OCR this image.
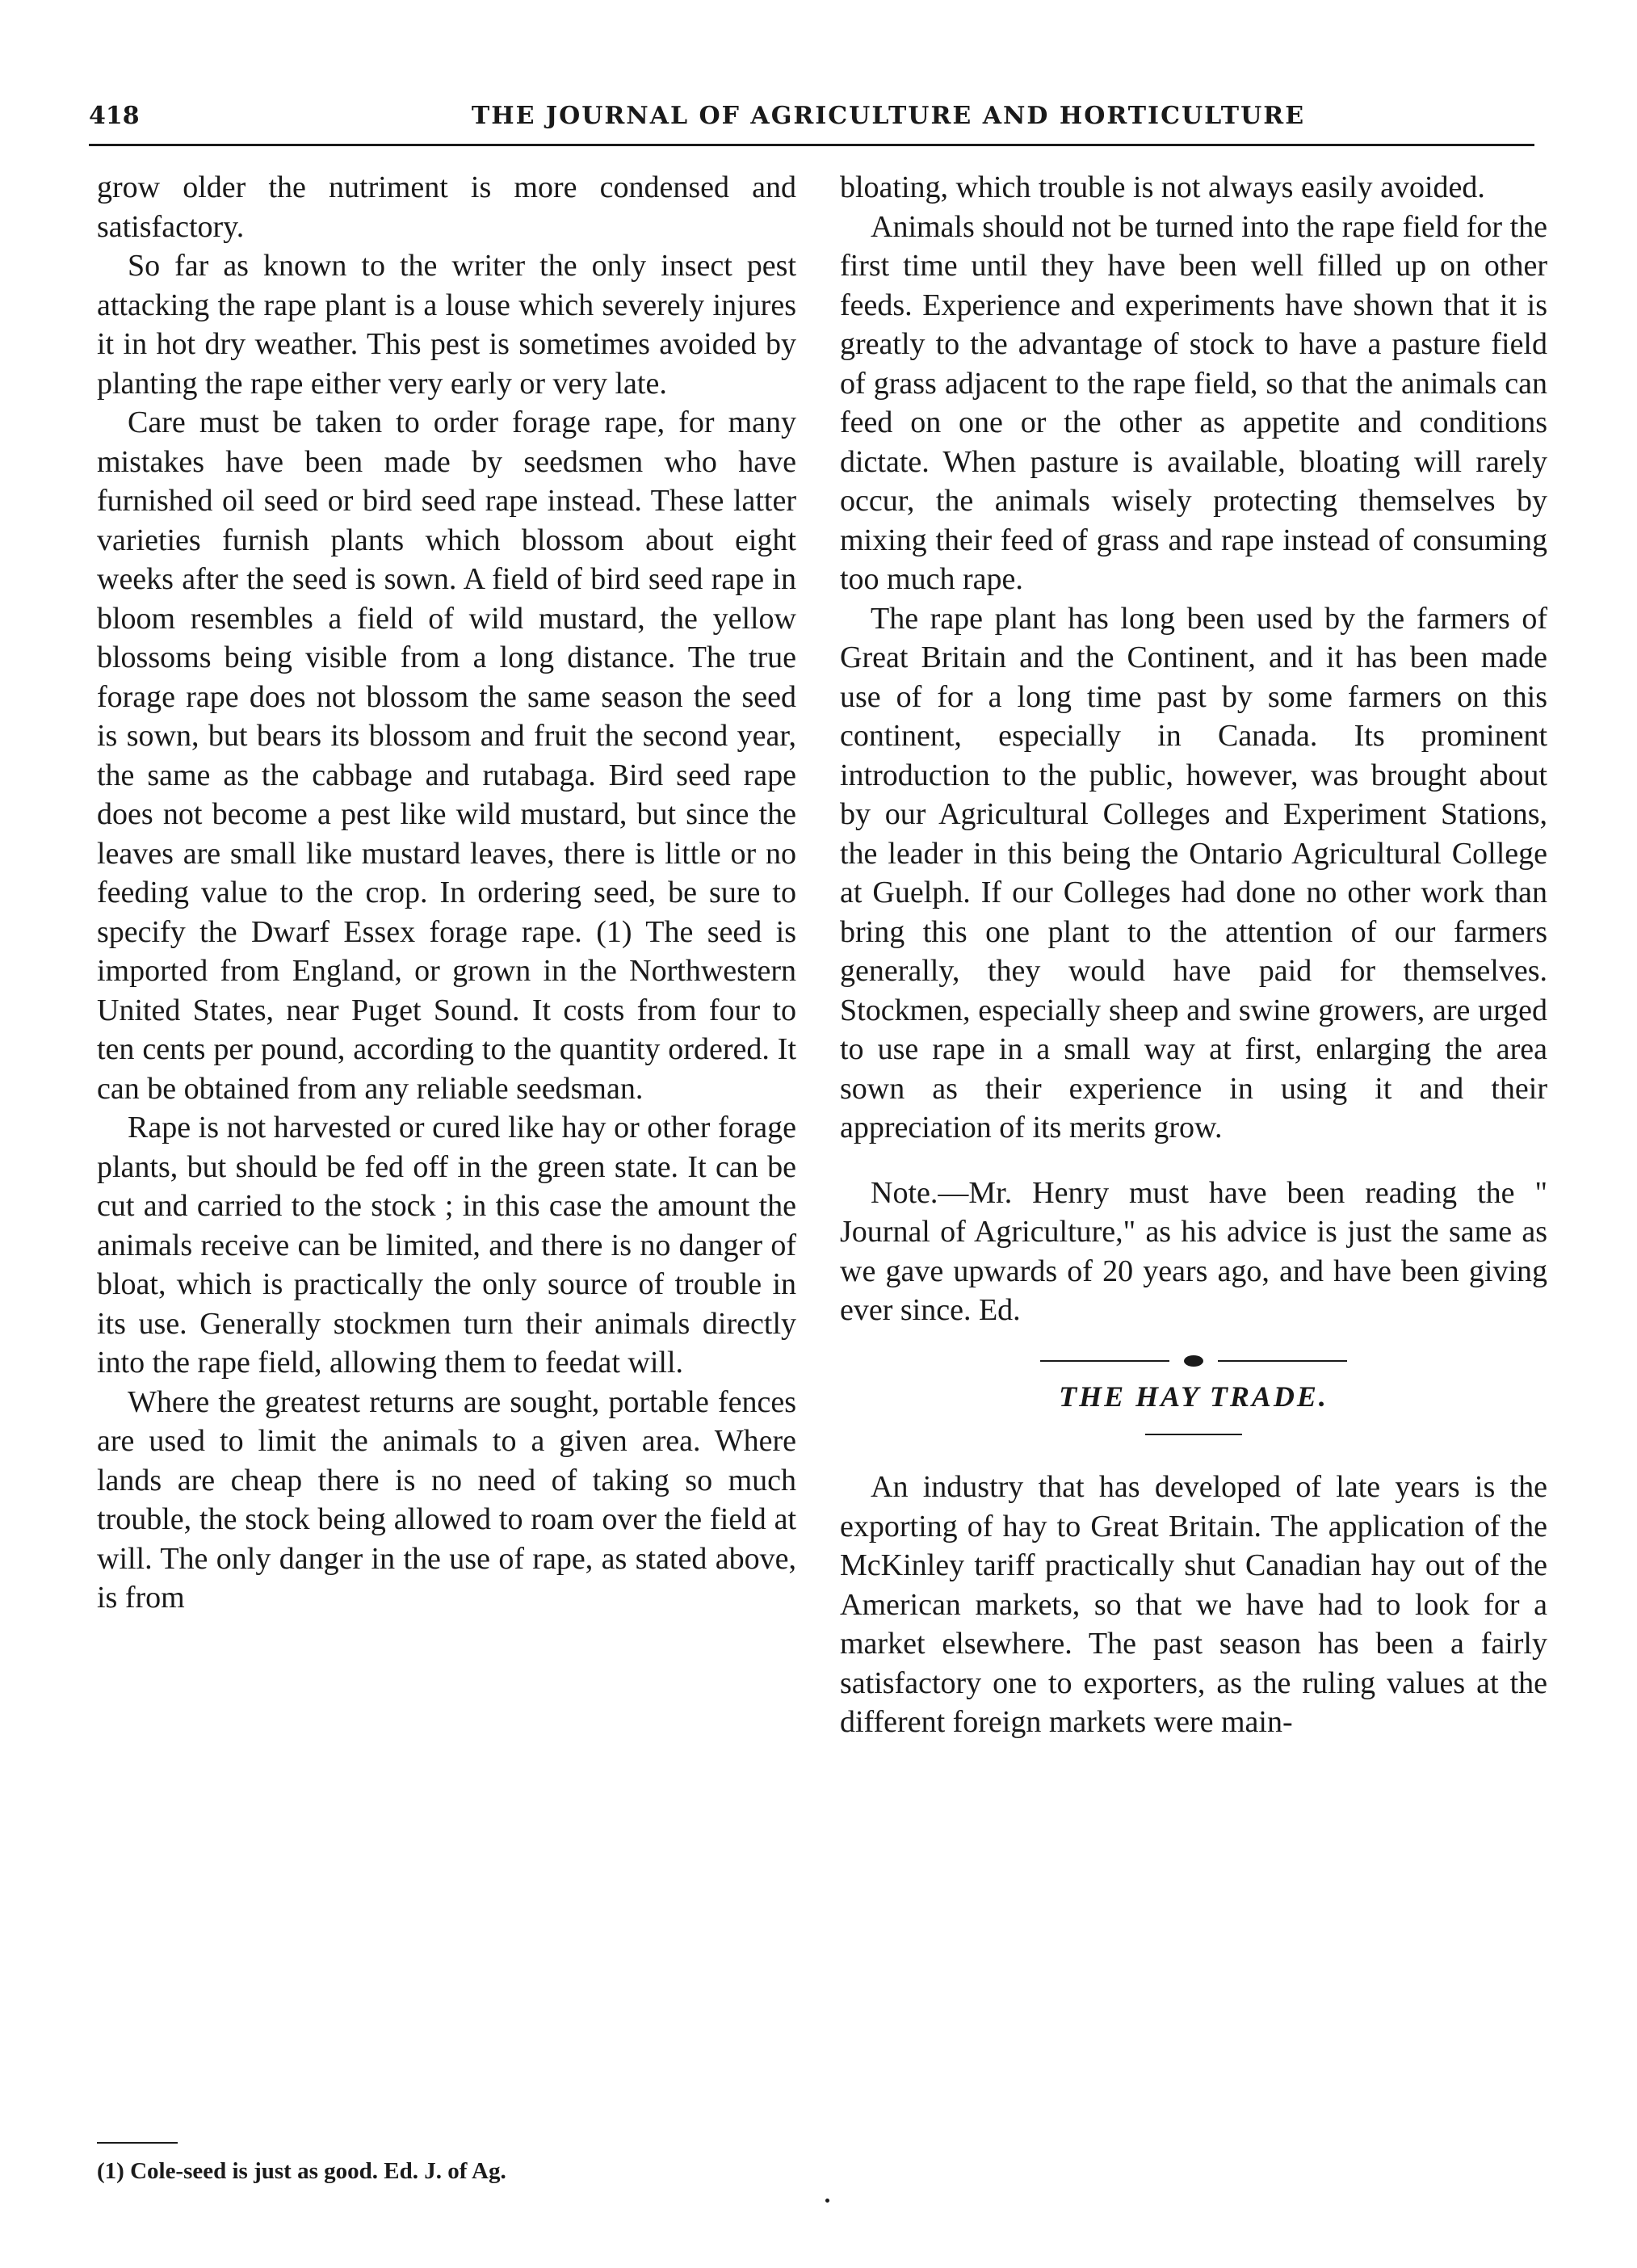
418	THE JOURNAL OF AGRICULTURE AND HORTICULTURE

grow older the nutriment is more condensed and satisfactory.

So far as known to the writer the only insect pest attacking the rape plant is a louse which severely injures it in hot dry weather. This pest is sometimes avoided by planting the rape either very early or very late.

Care must be taken to order forage rape, for many mistakes have been made by seedsmen who have furnished oil seed or bird seed rape instead. These latter varieties furnish plants which blossom about eight weeks after the seed is sown. A field of bird seed rape in bloom resembles a field of wild mustard, the yellow blossoms being visible from a long distance. The true forage rape does not blossom the same season the seed is sown, but bears its blossom and fruit the second year, the same as the cabbage and rutabaga. Bird seed rape does not become a pest like wild mustard, but since the leaves are small like mustard leaves, there is little or no feeding value to the crop. In ordering seed, be sure to specify the Dwarf Essex forage rape. (1) The seed is imported from England, or grown in the Northwestern United States, near Puget Sound. It costs from four to ten cents per pound, according to the quantity ordered. It can be obtained from any reliable seedsman.

Rape is not harvested or cured like hay or other forage plants, but should be fed off in the green state. It can be cut and carried to the stock ; in this case the amount the animals receive can be limited, and there is no danger of bloat, which is practically the only source of trouble in its use. Generally stockmen turn their animals directly into the rape field, allowing them to feedat will.

Where the greatest returns are sought, portable fences are used to limit the animals to a given area. Where lands are cheap there is no need of taking so much trouble, the stock being allowed to roam over the field at will. The only danger in the use of rape, as stated above, is from

bloating, which trouble is not always easily avoided.

Animals should not be turned into the rape field for the first time until they have been well filled up on other feeds. Experience and experiments have shown that it is greatly to the advantage of stock to have a pasture field of grass adjacent to the rape field, so that the animals can feed on one or the other as appetite and conditions dictate. When pasture is available, bloating will rarely occur, the animals wisely protecting themselves by mixing their feed of grass and rape instead of consuming too much rape.

The rape plant has long been used by the farmers of Great Britain and the Continent, and it has been made use of for a long time past by some farmers on this continent, especially in Canada. Its prominent introduction to the public, however, was brought about by our Agricultural Colleges and Experiment Stations, the leader in this being the Ontario Agricultural College at Guelph. If our Colleges had done no other work than bring this one plant to the attention of our farmers generally, they would have paid for themselves. Stockmen, especially sheep and swine growers, are urged to use rape in a small way at first, enlarging the area sown as their experience in using it and their appreciation of its merits grow.

Note.—Mr. Henry must have been reading the " Journal of Agriculture," as his advice is just the same as we gave upwards of 20 years ago, and have been giving ever since. Ed.

THE HAY TRADE.

An industry that has developed of late years is the exporting of hay to Great Britain. The application of the McKinley tariff practically shut Canadian hay out of the American markets, so that we have had to look for a market elsewhere. The past season has been a fairly satisfactory one to exporters, as the ruling values at the different foreign markets were main-

(1) Cole-seed is just as good. Ed. J. of Ag.
